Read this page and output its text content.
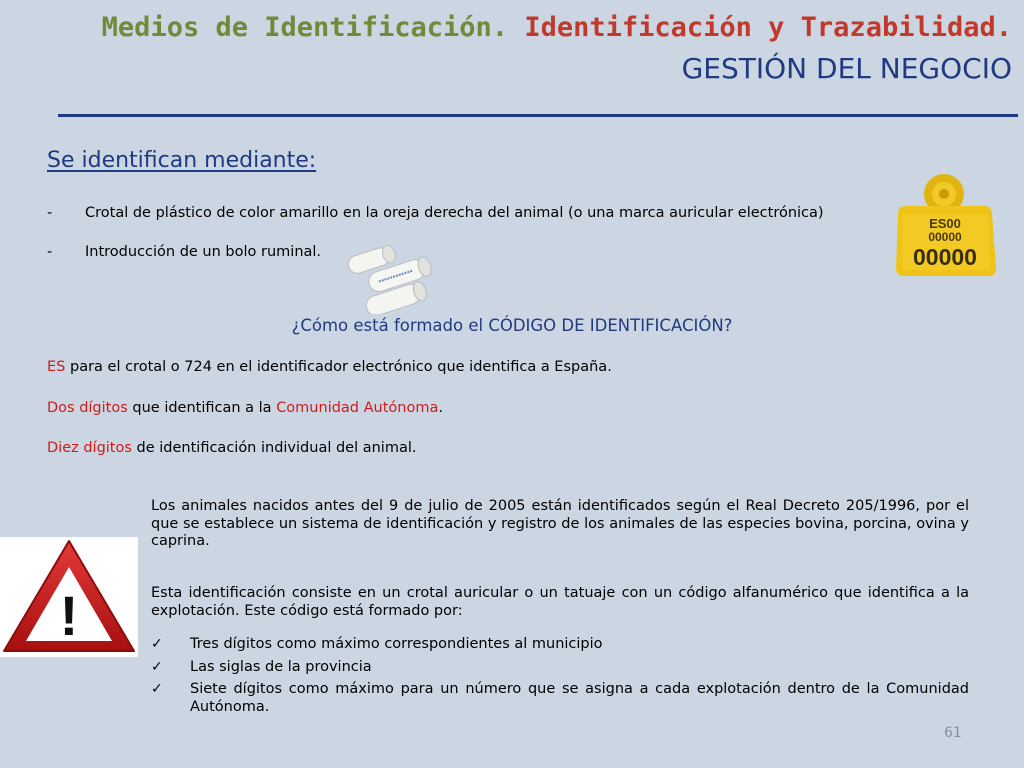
Medios de Identificación. Identificación y Trazabilidad.
GESTIÓN DEL NEGOCIO
Se identifican mediante:
- Crotal de plástico de color amarillo en la oreja derecha del animal (o una marca auricular electrónica)
- Introducción de un bolo ruminal.
ES00
00000
00000
¿Cómo está formado el CÓDIGO DE IDENTIFICACIÓN?
ES para el crotal o 724 en el identificador electrónico que identifica a España.
Dos dígitos que identifican a la Comunidad Autónoma.
Diez dígitos de identificación individual del animal.
!
Los animales nacidos antes del 9 de julio de 2005 están identificados según el Real Decreto 205/1996, por el que se establece un sistema de identificación y registro de los animales de las especies bovina, porcina, ovina y caprina.
Esta identificación consiste en un crotal auricular o un tatuaje con un código alfanumérico que identifica a la explotación. Este código está formado por:
✓	Tres dígitos como máximo correspondientes al municipio
✓	Las siglas de la provincia
✓	Siete dígitos como máximo para un número que se asigna a cada explotación dentro de la Comunidad Autónoma.
61
